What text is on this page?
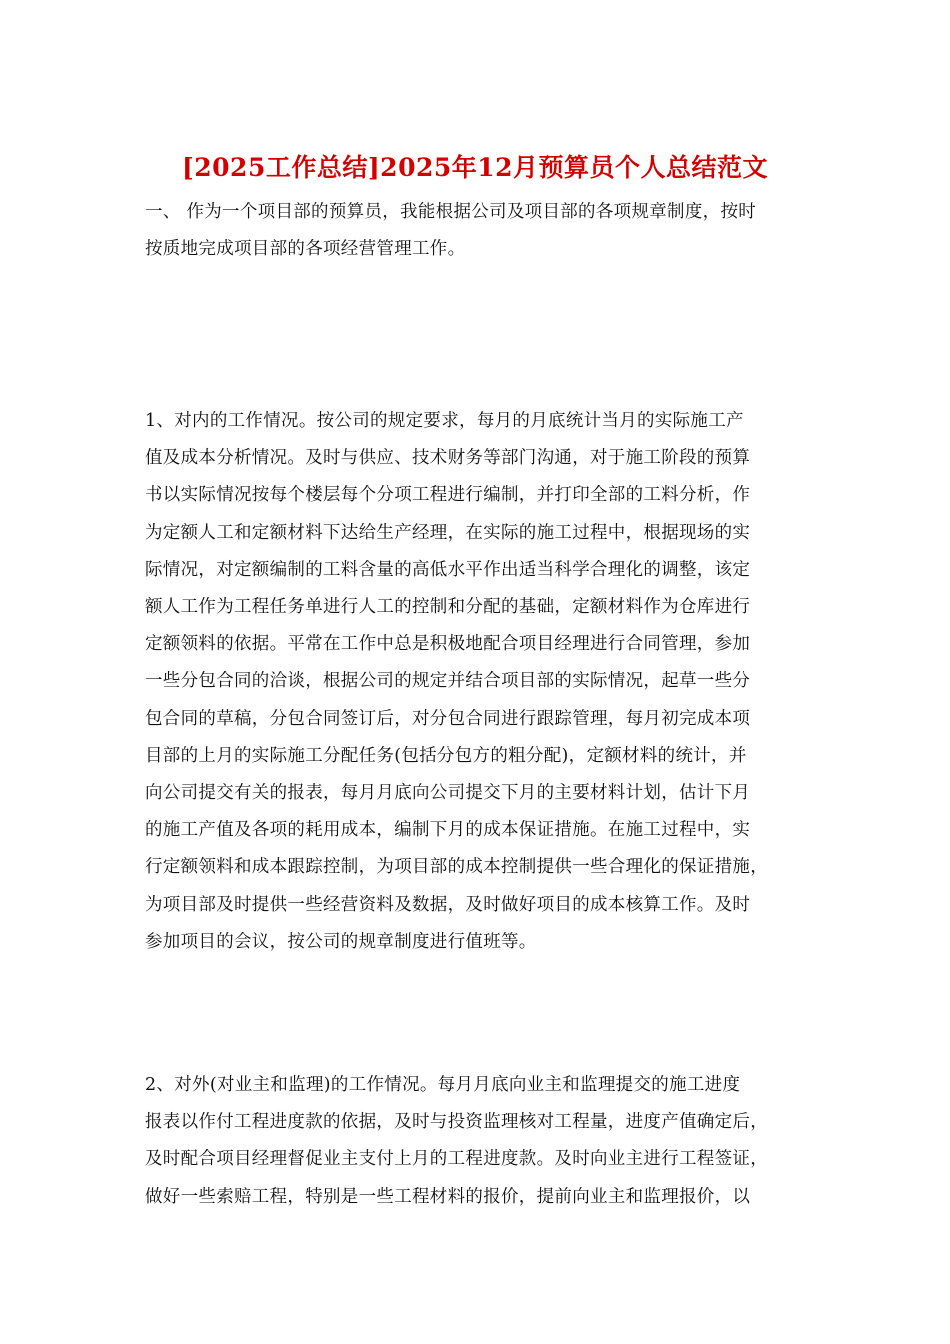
[2025工作总结]2025年12月预算员个人总结范文
一、 作为一个项目部的预算员，我能根据公司及项目部的各项规章制度，按时
按质地完成项目部的各项经营管理工作。
1、对内的工作情况。按公司的规定要求，每月的月底统计当月的实际施工产
值及成本分析情况。及时与供应、技术财务等部门沟通，对于施工阶段的预算
书以实际情况按每个楼层每个分项工程进行编制，并打印全部的工料分析，作
为定额人工和定额材料下达给生产经理，在实际的施工过程中，根据现场的实
际情况，对定额编制的工料含量的高低水平作出适当科学合理化的调整，该定
额人工作为工程任务单进行人工的控制和分配的基础，定额材料作为仓库进行
定额领料的依据。平常在工作中总是积极地配合项目经理进行合同管理，参加
一些分包合同的洽谈，根据公司的规定并结合项目部的实际情况，起草一些分
包合同的草稿，分包合同签订后，对分包合同进行跟踪管理，每月初完成本项
目部的上月的实际施工分配任务(包括分包方的粗分配)，定额材料的统计，并
向公司提交有关的报表，每月月底向公司提交下月的主要材料计划，估计下月
的施工产值及各项的耗用成本，编制下月的成本保证措施。在施工过程中，实
行定额领料和成本跟踪控制，为项目部的成本控制提供一些合理化的保证措施，
为项目部及时提供一些经营资料及数据，及时做好项目的成本核算工作。及时
参加项目的会议，按公司的规章制度进行值班等。
2、对外(对业主和监理)的工作情况。每月月底向业主和监理提交的施工进度
报表以作付工程进度款的依据，及时与投资监理核对工程量，进度产值确定后，
及时配合项目经理督促业主支付上月的工程进度款。及时向业主进行工程签证，
做好一些索赔工程，特别是一些工程材料的报价，提前向业主和监理报价，以
